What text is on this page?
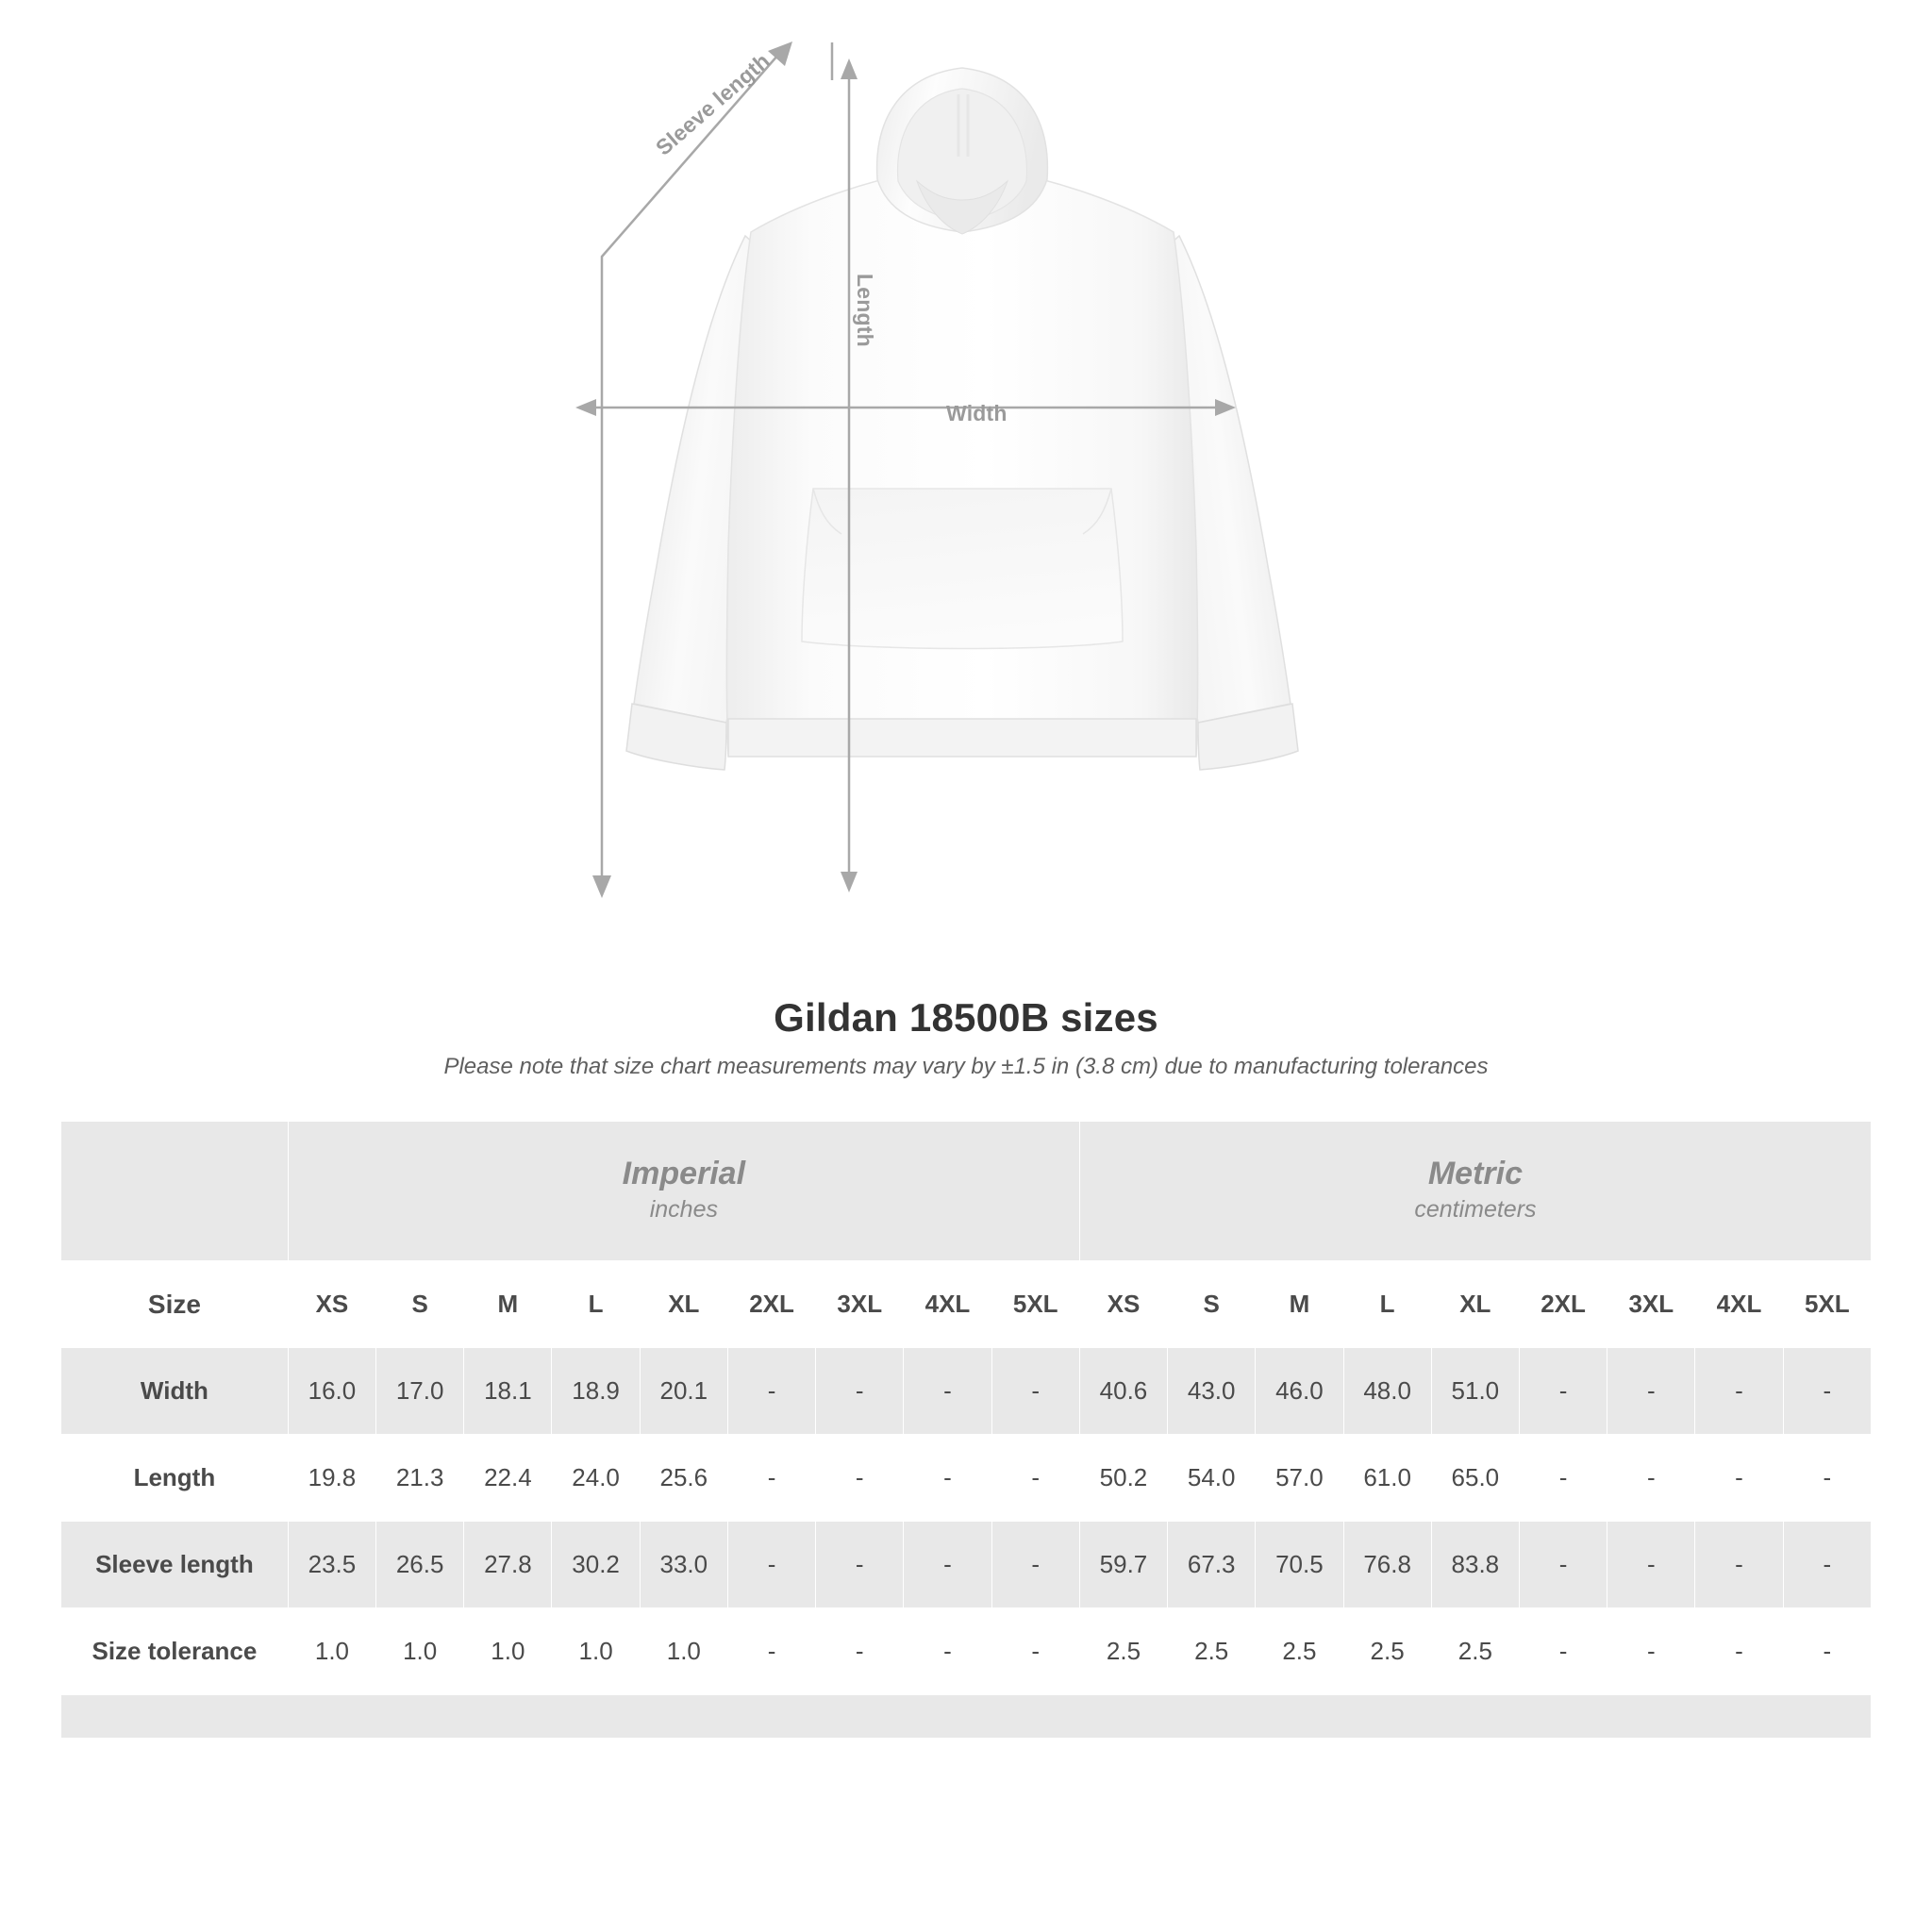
Sleeve length
Length
Width
Gildan 18500B sizes

Please note that size chart measurements may vary by ±1.5 in (3.8 cm) due to manufacturing tolerances

Imperial
inches

Metric
centimeters

Size	XS	S	M	L	XL	2XL	3XL	4XL	5XL	XS	S	M	L	XL	2XL	3XL	4XL	5XL
Width	16.0	17.0	18.1	18.9	20.1	-	-	-	-	40.6	43.0	46.0	48.0	51.0	-	-	-	-
Length	19.8	21.3	22.4	24.0	25.6	-	-	-	-	50.2	54.0	57.0	61.0	65.0	-	-	-	-
Sleeve length	23.5	26.5	27.8	30.2	33.0	-	-	-	-	59.7	67.3	70.5	76.8	83.8	-	-	-	-
Size tolerance	1.0	1.0	1.0	1.0	1.0	-	-	-	-	2.5	2.5	2.5	2.5	2.5	-	-	-	-
